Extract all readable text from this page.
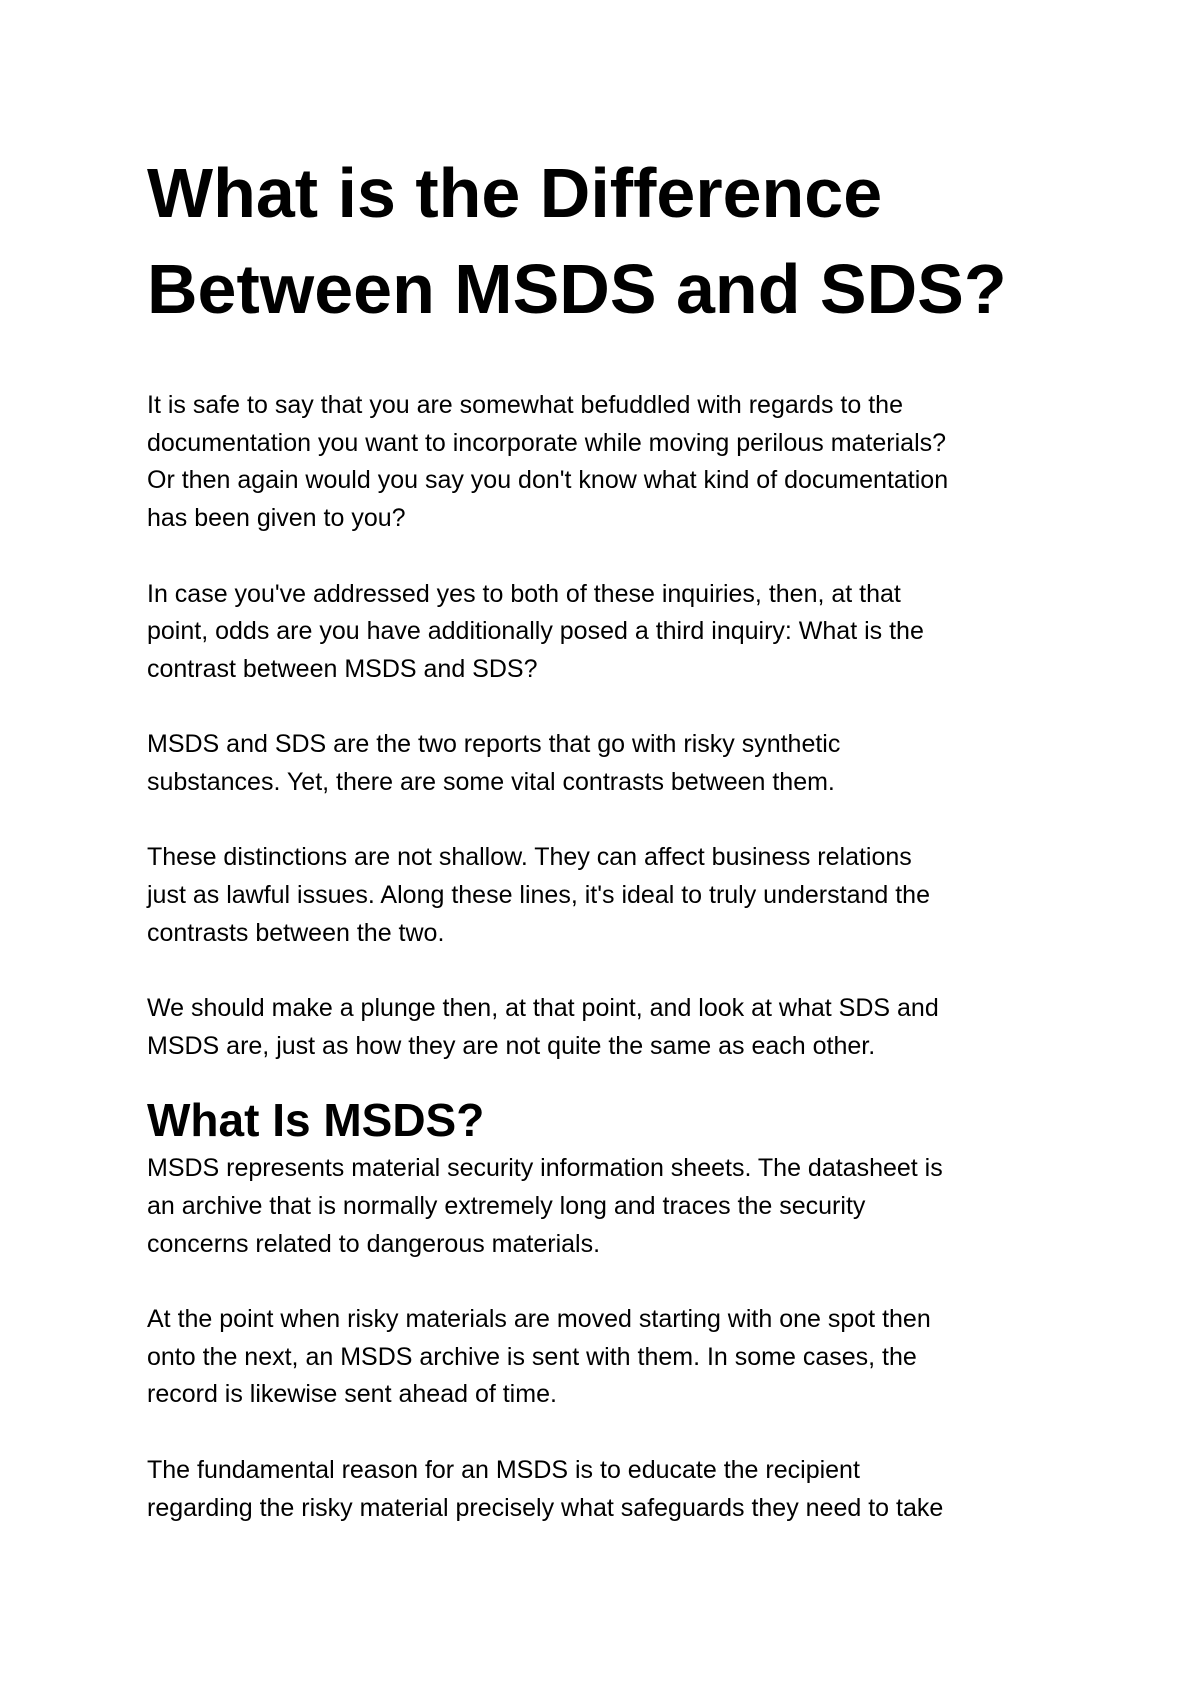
What is the Difference
Between MSDS and SDS?

It is safe to say that you are somewhat befuddled with regards to the
documentation you want to incorporate while moving perilous materials?
Or then again would you say you don't know what kind of documentation
has been given to you?

In case you've addressed yes to both of these inquiries, then, at that
point, odds are you have additionally posed a third inquiry: What is the
contrast between MSDS and SDS?

MSDS and SDS are the two reports that go with risky synthetic
substances. Yet, there are some vital contrasts between them.

These distinctions are not shallow. They can affect business relations
just as lawful issues. Along these lines, it's ideal to truly understand the
contrasts between the two.

We should make a plunge then, at that point, and look at what SDS and
MSDS are, just as how they are not quite the same as each other.

What Is MSDS?

MSDS represents material security information sheets. The datasheet is
an archive that is normally extremely long and traces the security
concerns related to dangerous materials.

At the point when risky materials are moved starting with one spot then
onto the next, an MSDS archive is sent with them. In some cases, the
record is likewise sent ahead of time.

The fundamental reason for an MSDS is to educate the recipient
regarding the risky material precisely what safeguards they need to take
